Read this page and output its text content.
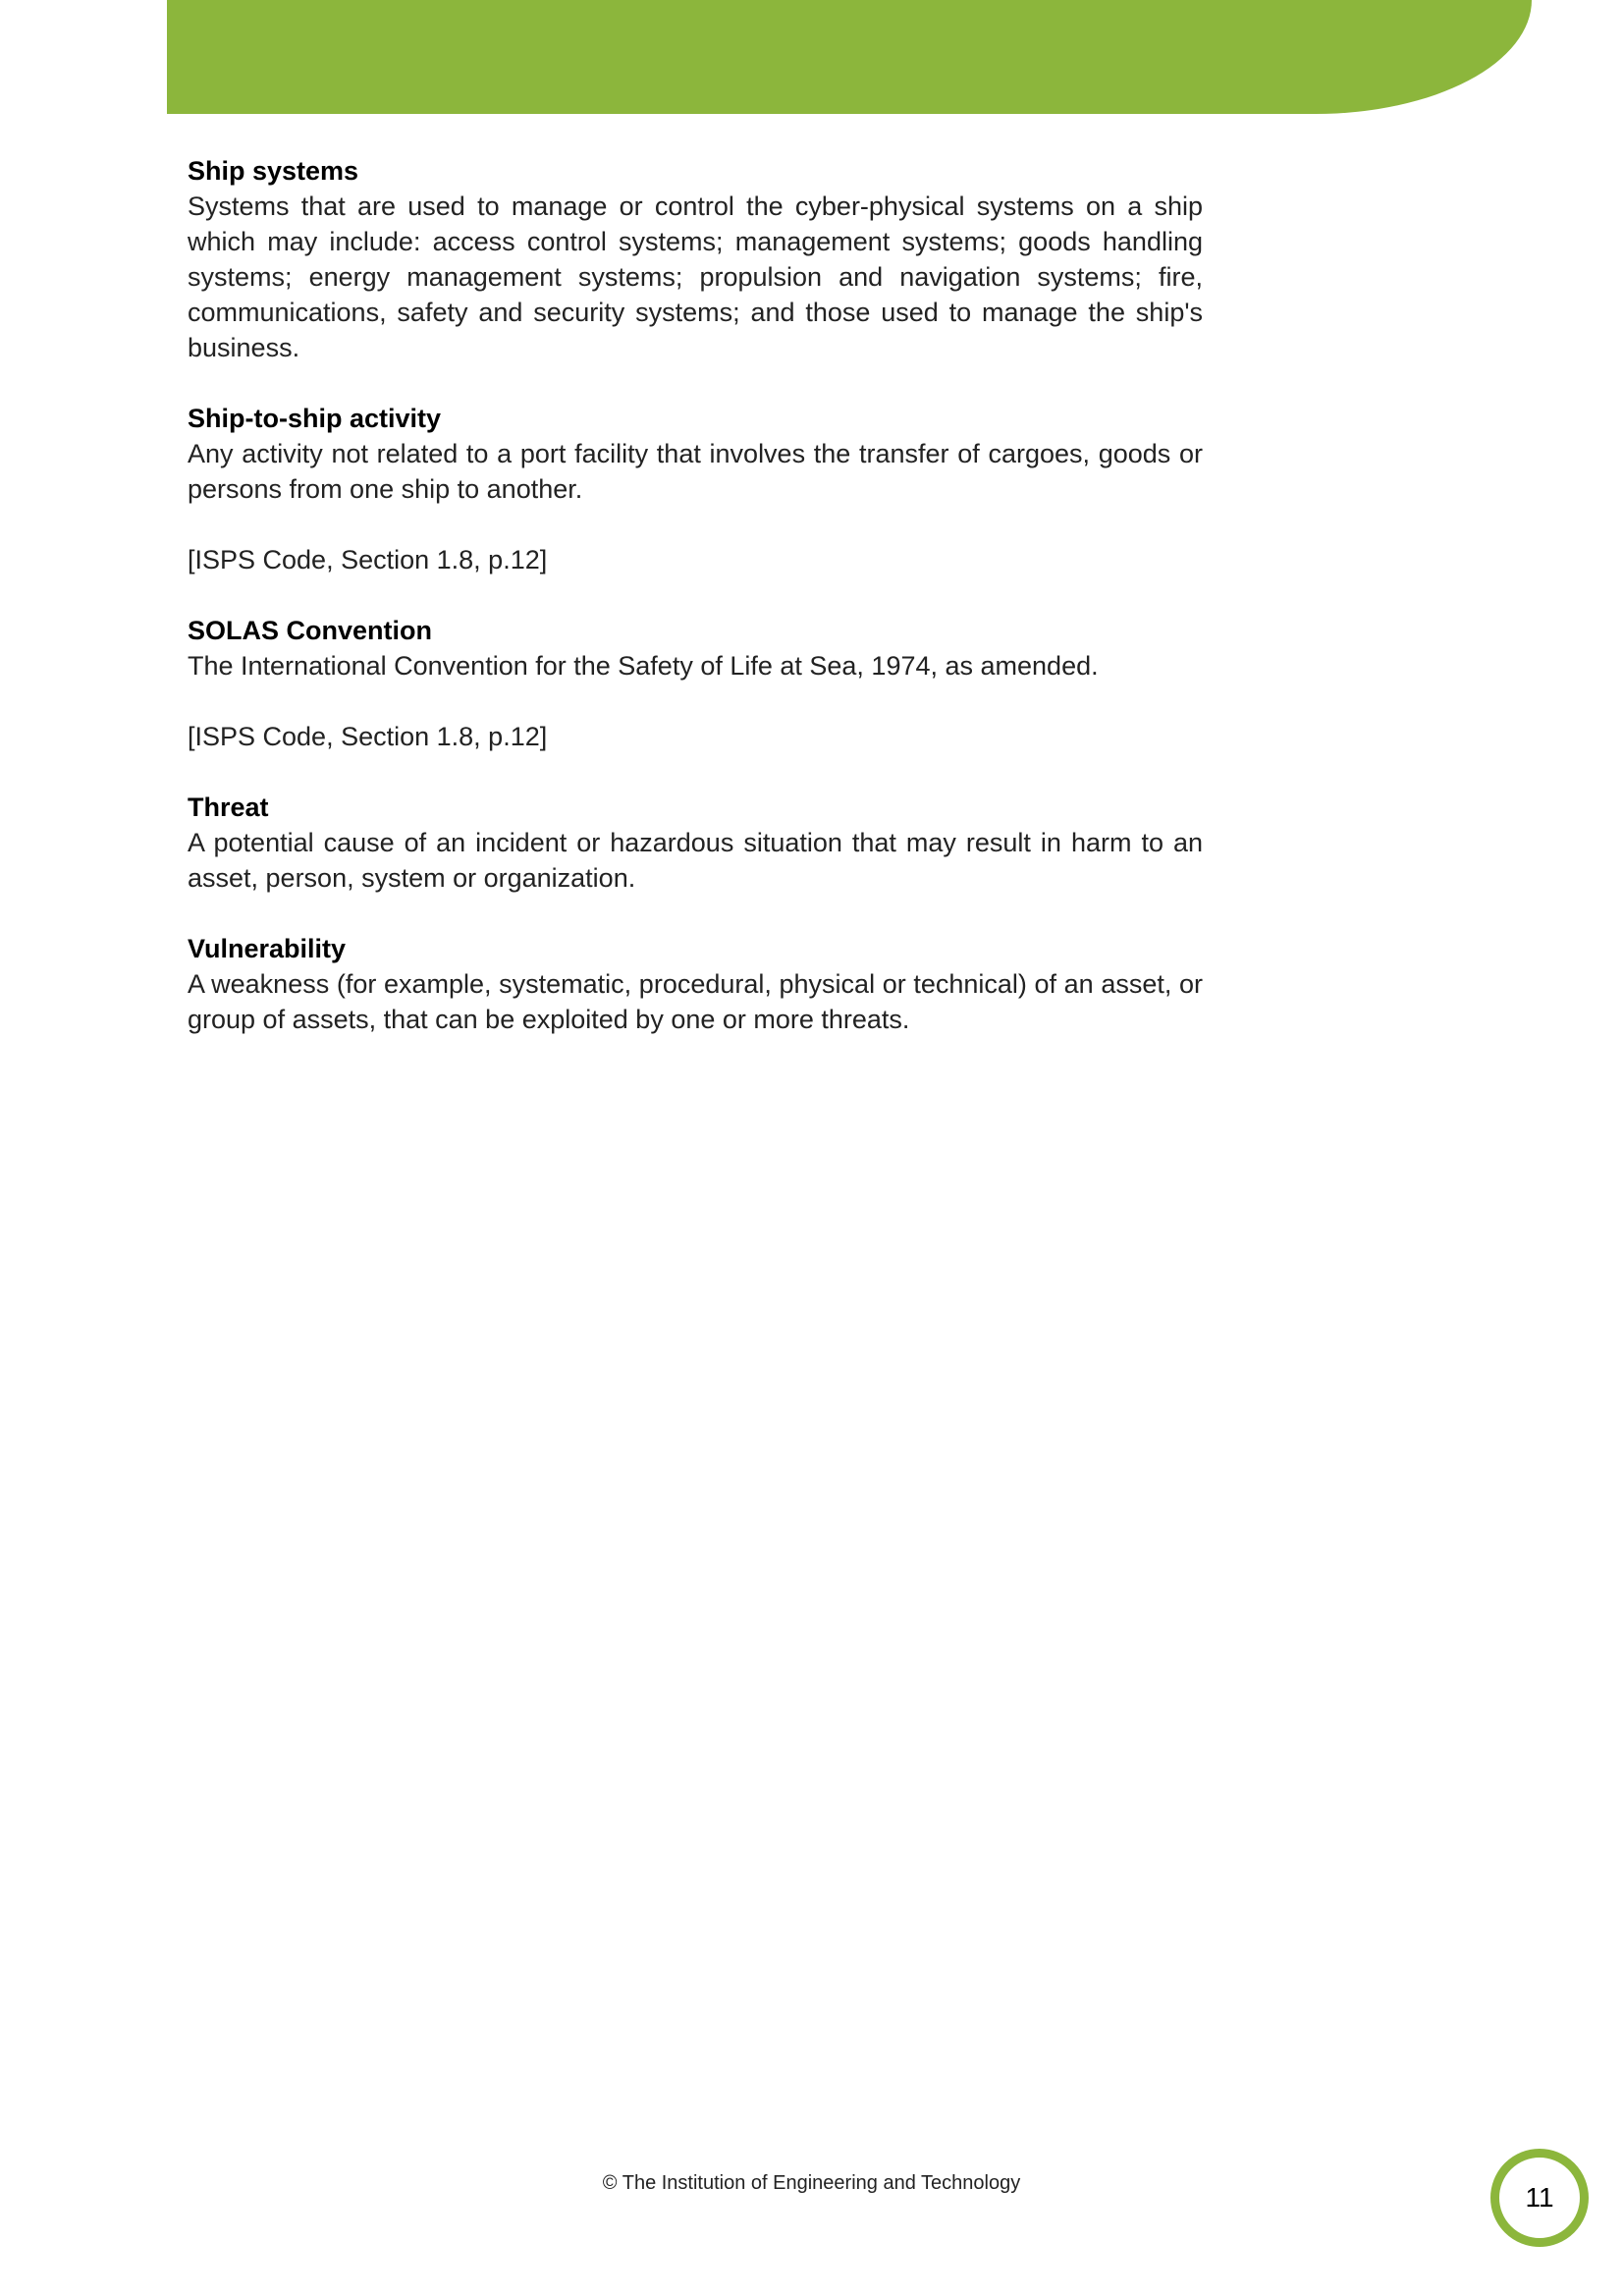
Ship systems

Systems that are used to manage or control the cyber-physical systems on a ship which may include: access control systems; management systems; goods handling systems; energy management systems; propulsion and navigation systems; fire, communications, safety and security systems; and those used to manage the ship's business.

Ship-to-ship activity

Any activity not related to a port facility that involves the transfer of cargoes, goods or persons from one ship to another.

[ISPS Code, Section 1.8, p.12]

SOLAS Convention

The International Convention for the Safety of Life at Sea, 1974, as amended.

[ISPS Code, Section 1.8, p.12]

Threat

A potential cause of an incident or hazardous situation that may result in harm to an asset, person, system or organization.

Vulnerability

A weakness (for example, systematic, procedural, physical or technical) of an asset, or group of assets, that can be exploited by one or more threats.

© The Institution of Engineering and Technology	11
